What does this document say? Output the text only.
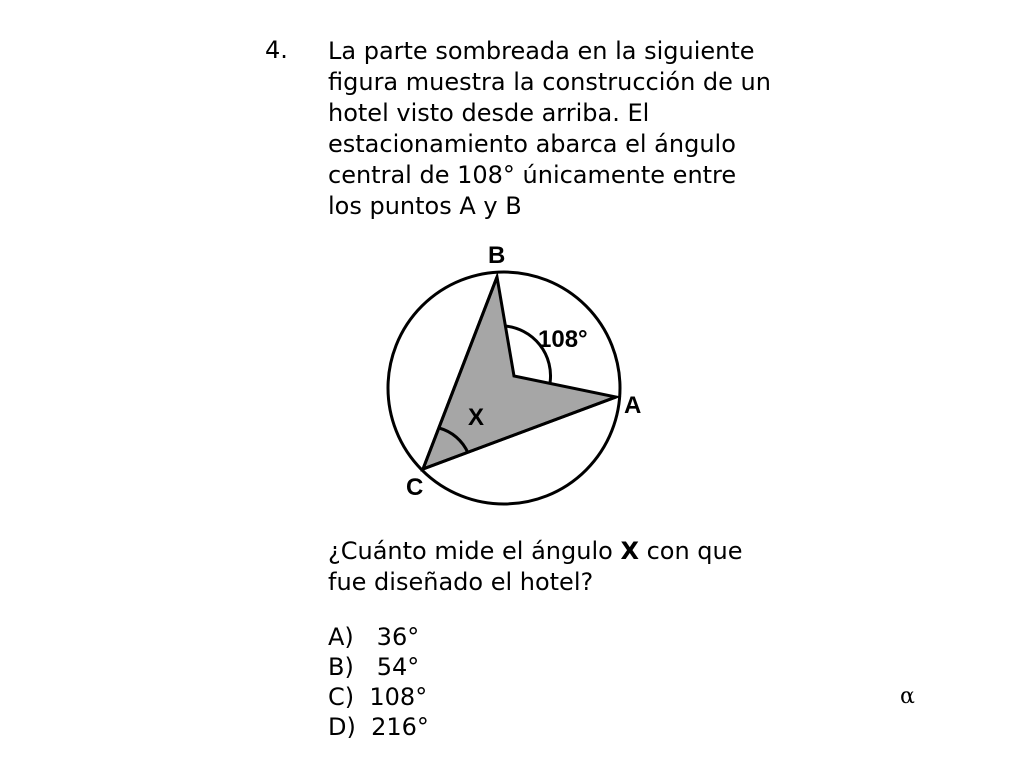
4. La parte sombreada en la siguiente
figura muestra la construcción de un
hotel visto desde arriba. El
estacionamiento abarca el ángulo
central de 108° únicamente entre
los puntos A y B
B
A
C
X
108°
¿Cuánto mide el ángulo X con que
fue diseñado el hotel?
A)   36°
B)   54°
C)  108°
D)  216°
α
